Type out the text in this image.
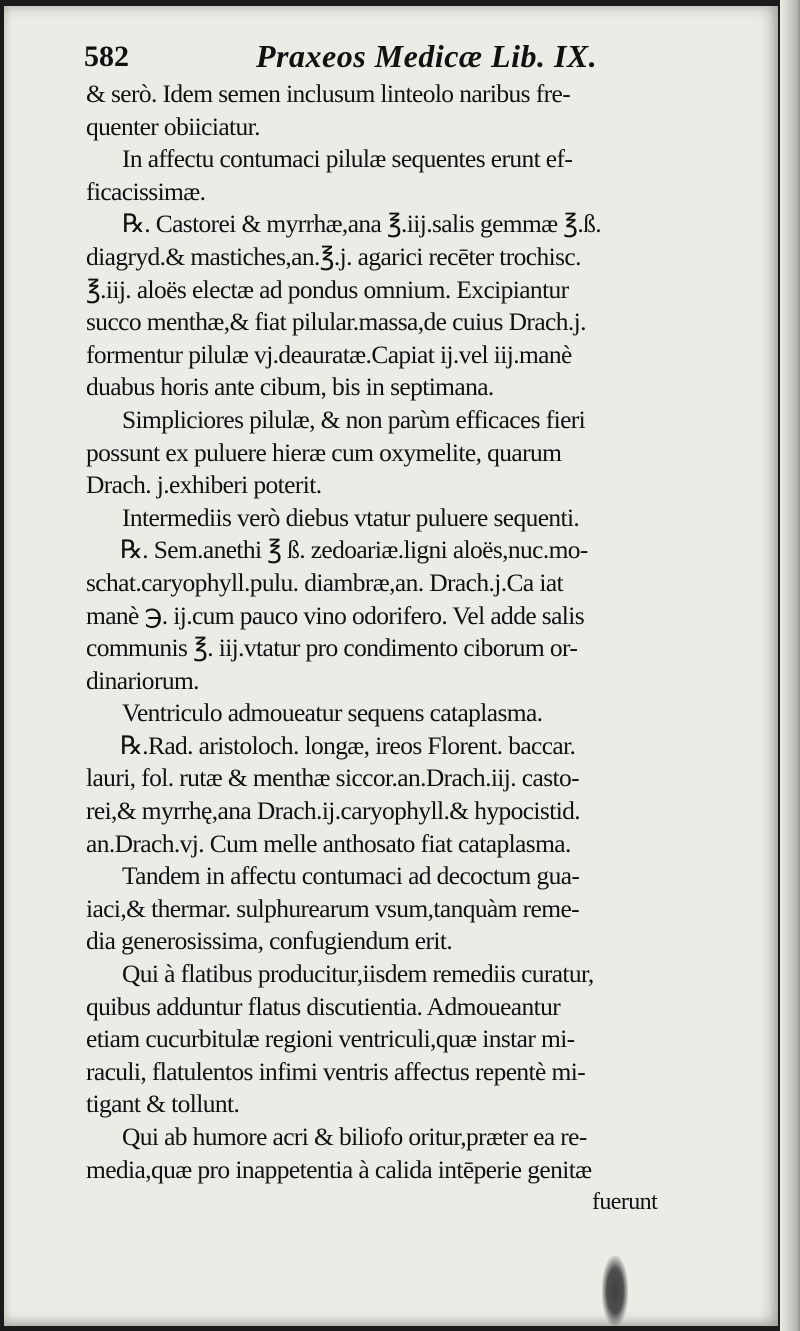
582	Praxeos Medicæ Lib. IX.
& serò. Idem semen inclusum linteolo naribus fre-
quenter obiiciatur.
In affectu contumaci pilulæ sequentes erunt ef-
ficacissimæ.
℞. Castorei & myrrhæ,ana ℥.iij.salis gemmæ ℥.ß.
diagryd.& mastiches,an.℥.j. agarici recēter trochisc.
℥.iij. aloës electæ ad pondus omnium. Excipiantur
succo menthæ,& fiat pilular.massa,de cuius Drach.j.
formentur pilulæ vj.deauratæ.Capiat ij.vel iij.manè
duabus horis ante cibum, bis in septimana.
Simpliciores pilulæ, & non parùm efficaces fieri
possunt ex puluere hieræ cum oxymelite, quarum
Drach. j.exhiberi poterit.
Intermediis verò diebus vtatur puluere sequenti.
℞. Sem.anethi ℥ ß. zedoariæ.ligni aloës,nuc.mo-
schat.caryophyll.pulu. diambræ,an. Drach.j.Ca iat
manè ℈. ij.cum pauco vino odorifero. Vel adde salis
communis ℥. iij.vtatur pro condimento ciborum or-
dinariorum.
Ventriculo admoueatur sequens cataplasma.
℞.Rad. aristoloch. longæ, ireos Florent. baccar.
lauri, fol. rutæ & menthæ siccor.an.Drach.iij. casto-
rei,& myrrhę,ana Drach.ij.caryophyll.& hypocistid.
an.Drach.vj. Cum melle anthosato fiat cataplasma.
Tandem in affectu contumaci ad decoctum gua-
iaci,& thermar. sulphurearum vsum,tanquàm reme-
dia generosissima, confugiendum erit.
Qui à flatibus producitur,iisdem remediis curatur,
quibus adduntur flatus discutientia. Admoueantur
etiam cucurbitulæ regioni ventriculi,quæ instar mi-
raculi, flatulentos infimi ventris affectus repentè mi-
tigant & tollunt.
Qui ab humore acri & biliofo oritur,præter ea re-
media,quæ pro inappetentia à calida intēperie genitæ
fuerunt
